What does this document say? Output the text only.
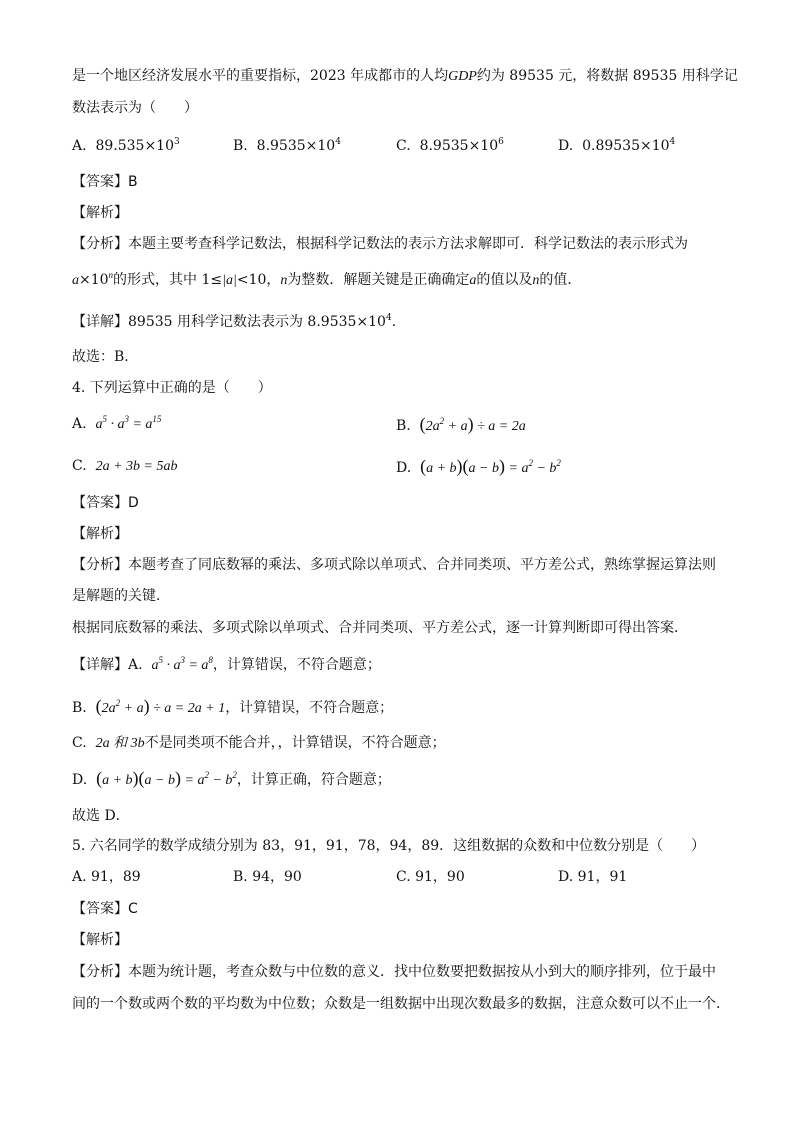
是一个地区经济发展水平的重要指标，2023 年成都市的人均GDP约为 89535 元，将数据 89535 用科学记
数法表示为（　　）
A. $89.535\times 10^3$	B. $8.9535\times 10^4$	C. $8.9535\times 10^6$	D. $0.89535\times 10^4$
【答案】B
【解析】
【分析】本题主要考查科学记数法，根据科学记数法的表示方法求解即可．科学记数法的表示形式为
$a\times 10^n$的形式，其中 1≤|a|<10，n为整数．解题关键是正确确定a的值以及n的值．
【详解】89535 用科学记数法表示为 $8.9535\times 10^4$．
故选：B．
4. 下列运算中正确的是（　　）
A. $a^5 \cdot a^3 = a^{15}$	B. $(2a^2 + a) \div a = 2a$
C. 2a + 3b = 5ab	D. $(a + b)(a - b) = a^2 - b^2$
【答案】D
【解析】
【分析】本题考查了同底数幂的乘法、多项式除以单项式、合并同类项、平方差公式，熟练掌握运算法则
是解题的关键．
根据同底数幂的乘法、多项式除以单项式、合并同类项、平方差公式，逐一计算判断即可得出答案．
【详解】A. $a^5 \cdot a^3 = a^8$，计算错误，不符合题意；
B. $(2a^2 + a) \div a = 2a + 1$，计算错误，不符合题意；
C. 2a 和 3b不是同类项不能合并，，计算错误，不符合题意；
D. $(a + b)(a - b) = a^2 - b^2$，计算正确，符合题意；
故选 D．
5. 六名同学的数学成绩分别为 83，91，91，78，94，89．这组数据的众数和中位数分别是（　　）
A. 91，89	B. 94，90	C. 91，90	D. 91，91
【答案】C
【解析】
【分析】本题为统计题，考查众数与中位数的意义．找中位数要把数据按从小到大的顺序排列，位于最中
间的一个数或两个数的平均数为中位数；众数是一组数据中出现次数最多的数据，注意众数可以不止一个．
